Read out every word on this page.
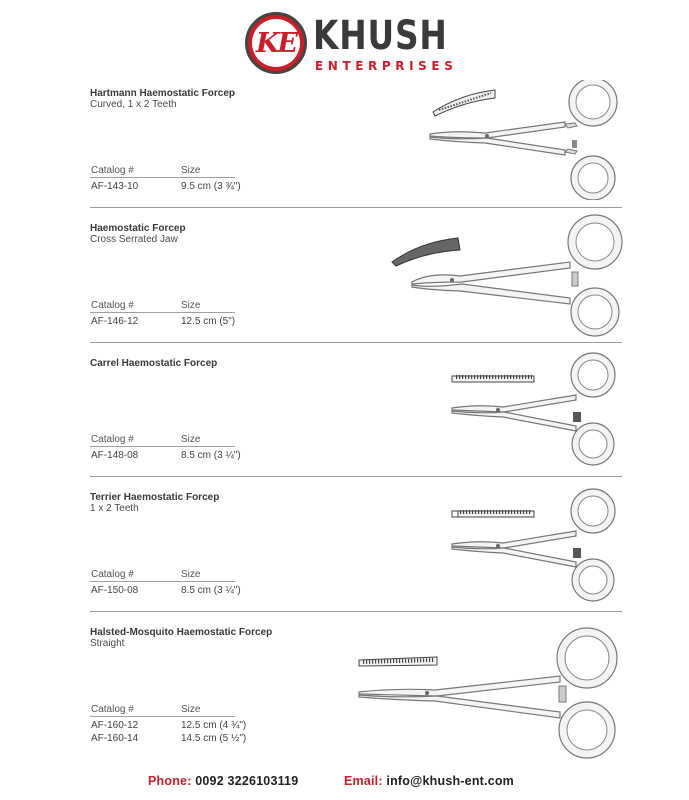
KE KHUSH
ENTERPRISES
Hartmann Haemostatic Forcep
Curved, 1 x 2 Teeth
Catalog #	Size
AF-143-10	9.5 cm (3 ¾")
Haemostatic Forcep
Cross Serrated Jaw
Catalog #	Size
AF-146-12	12.5 cm (5")
Carrel Haemostatic Forcep
Catalog #	Size
AF-148-08	8.5 cm (3 ¼")
Terrier Haemostatic Forcep
1 x 2 Teeth
Catalog #	Size
AF-150-08	8.5 cm (3 ¼")
Halsted-Mosquito Haemostatic Forcep
Straight
Catalog #	Size
AF-160-12	12.5 cm (4 ¾")
AF-160-14	14.5 cm (5 ½")
Phone: 0092 3226103119	Email: info@khush-ent.com
